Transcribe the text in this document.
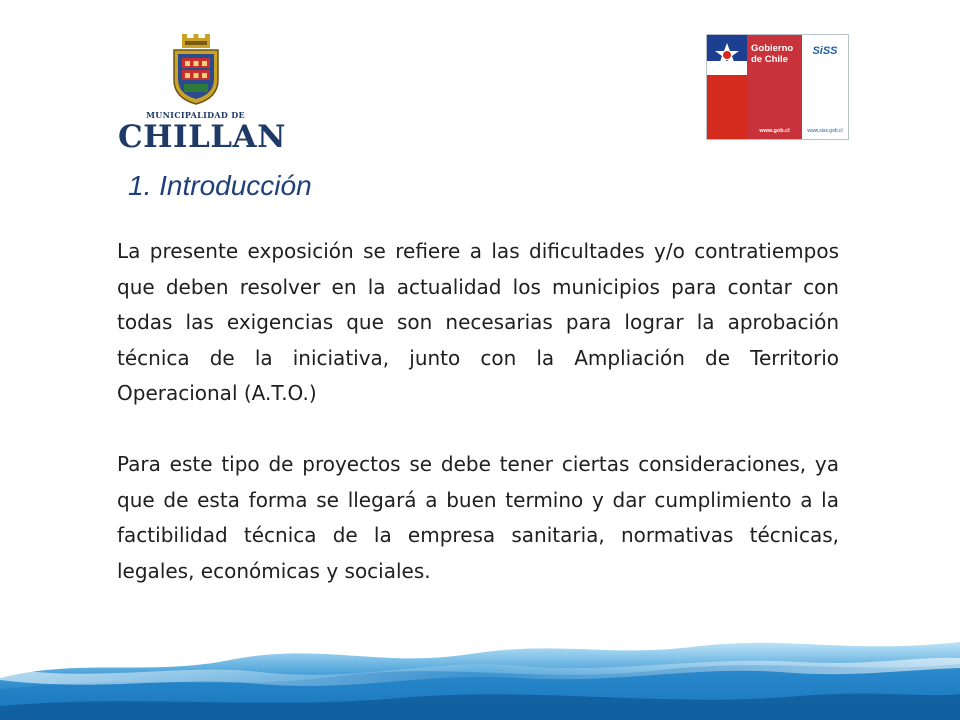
MUNICIPALIDAD DE
CHILLAN
Gobierno
de Chile
www.gob.cl
SiSS
www.siss.gob.cl
1. Introducción

La presente exposición se refiere a las dificultades y/o contratiempos que deben resolver en la actualidad los municipios para contar con todas las exigencias que son necesarias para lograr la aprobación técnica de la iniciativa, junto con la Ampliación de Territorio Operacional (A.T.O.)

Para este tipo de proyectos se debe tener ciertas consideraciones, ya que de esta forma se llegará a buen termino y dar cumplimiento a la factibilidad técnica de la empresa sanitaria, normativas técnicas, legales, económicas y sociales.
